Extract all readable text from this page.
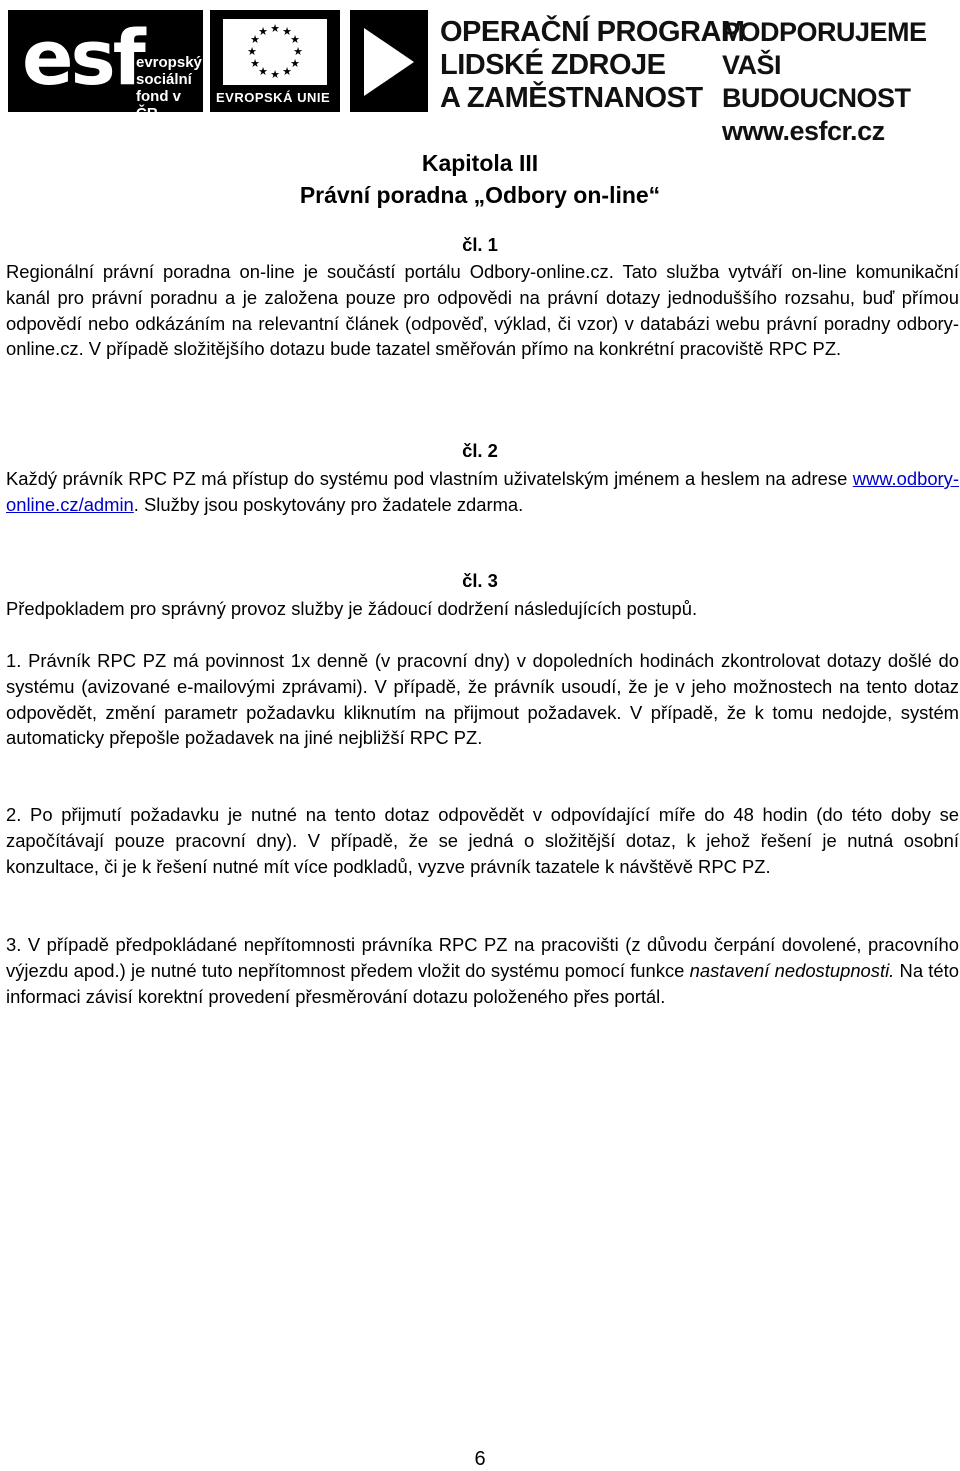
esf
evropský
sociální
fond v ČR
★ ★
★
★
★
★
★
★
★
★
★
★
EVROPSKÁ UNIE
OPERAČNÍ PROGRAM
LIDSKÉ ZDROJE
A ZAMĚSTNANOST
PODPORUJEME
VAŠI BUDOUCNOST
www.esfcr.cz
Kapitola III
Právní poradna „Odbory on-line“
čl. 1

Regionální právní poradna on-line je součástí portálu Odbory-online.cz. Tato služba vytváří on-line komunikační kanál pro právní poradnu a je založena pouze pro odpovědi na právní dotazy jednoduššího rozsahu, buď přímou odpovědí nebo odkázáním na relevantní článek (odpověď, výklad, či vzor) v databázi webu právní poradny odbory-online.cz. V případě složitějšího dotazu bude tazatel směřován přímo na konkrétní pracoviště RPC PZ.

čl. 2

Každý právník RPC PZ má přístup do systému pod vlastním uživatelským jménem a heslem na adrese www.odbory-online.cz/admin. Služby jsou poskytovány pro žadatele zdarma.

čl. 3

Předpokladem pro správný provoz služby je žádoucí dodržení následujících postupů.

1. Právník RPC PZ má povinnost 1x denně (v pracovní dny) v dopoledních hodinách zkontrolovat dotazy došlé do systému (avizované e-mailovými zprávami). V případě, že právník usoudí, že je v jeho možnostech na tento dotaz odpovědět, změní parametr požadavku kliknutím na přijmout požadavek. V případě, že k tomu nedojde, systém automaticky přepošle požadavek na jiné nejbližší RPC PZ.

2. Po přijmutí požadavku je nutné na tento dotaz odpovědět v odpovídající míře do 48 hodin (do této doby se započítávají pouze pracovní dny). V případě, že se jedná o složitější dotaz, k jehož řešení je nutná osobní konzultace, či je k řešení nutné mít více podkladů, vyzve právník tazatele k návštěvě RPC PZ.

3. V případě předpokládané nepřítomnosti právníka RPC PZ na pracovišti (z důvodu čerpání dovolené, pracovního výjezdu apod.) je nutné tuto nepřítomnost předem vložit do systému pomocí funkce nastavení nedostupnosti. Na této informaci závisí korektní provedení přesměrování dotazu položeného přes portál.

6
